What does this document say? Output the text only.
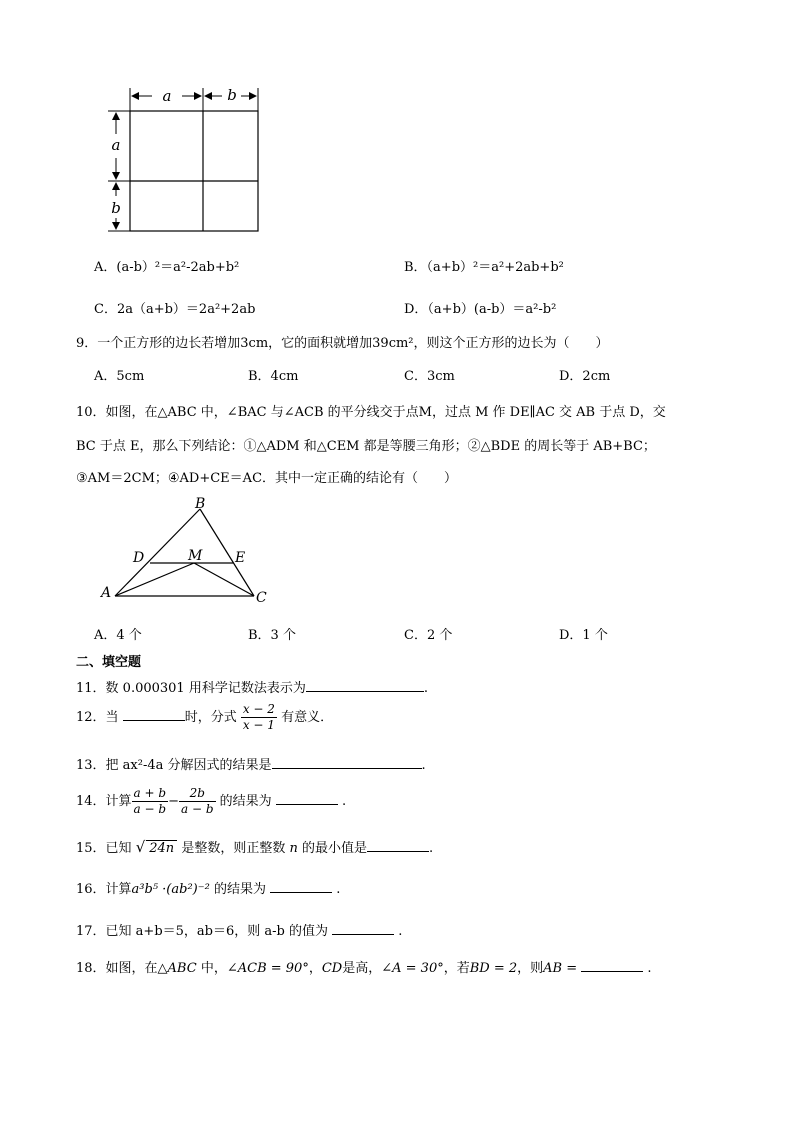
a	b
a
b
A．(a-b）²＝a²-2ab+b²	B．（a+b）²＝a²+2ab+b²
C．2a（a+b）＝2a²+2ab	D．（a+b）(a-b）＝a²-b²
9．一个正方形的边长若增加3cm，它的面积就增加39cm²，则这个正方形的边长为（　　）
A．5cm	B．4cm	C．3cm	D．2cm
10．如图，在△ABC 中，∠BAC 与∠ACB 的平分线交于点M，过点 M 作 DE∥AC 交 AB 于点 D，交
BC 于点 E，那么下列结论：①△ADM 和△CEM 都是等腰三角形；②△BDE 的周长等于 AB+BC；
③AM＝2CM；④AD+CE＝AC．其中一定正确的结论有（　　）
B
D	M E
A	C
A．4 个	B．3 个	C．2 个	D．1 个
二、填空题
11．数 0.000301 用科学记数法表示为	.
12．当	时，分式 $\frac{x - 2}{x - 1}$ 有意义．
13．把 ax²-4a 分解因式的结果是	.
14．计算 $\frac{a + b}{a - b} - \frac{2b}{a - b}$ 的结果为	.
15．已知 √ 24n 是整数，则正整数 n 的最小值是	.
16．计算a³b⁵ ·(ab²)⁻² 的结果为	.
17．已知 a+b＝5，ab＝6，则 a-b 的值为	.
18．如图，在△ABC 中，∠ACB = 90°，CD是高，∠A = 30°，若BD = 2，则AB =	.
